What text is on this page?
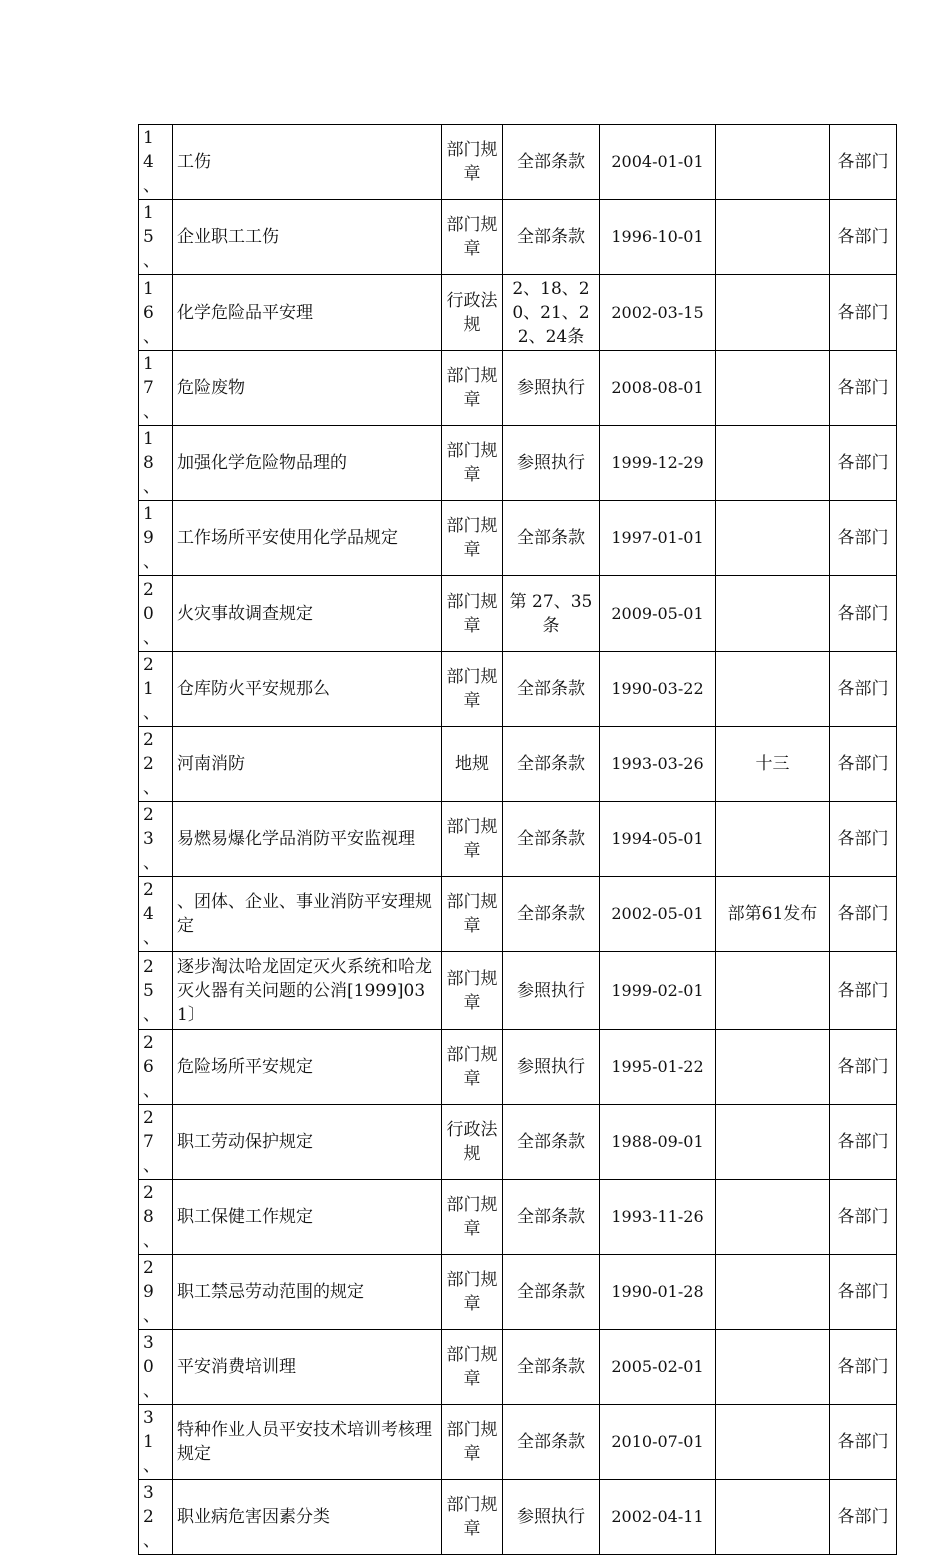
14、	工伤	部门规章	全部条款	2004-01-01		各部门
15、	企业职工工伤	部门规章	全部条款	1996-10-01		各部门
16、	化学危险品平安理	行政法规	2、18、20、21、22、24条	2002-03-15		各部门
17、	危险废物	部门规章	参照执行	2008-08-01		各部门
18、	加强化学危险物品理的	部门规章	参照执行	1999-12-29		各部门
19、	工作场所平安使用化学品规定	部门规章	全部条款	1997-01-01		各部门
20、	火灾事故调查规定	部门规章	第 27、35 条	2009-05-01		各部门
21、	仓库防火平安规那么	部门规章	全部条款	1990-03-22		各部门
22、	河南消防	地规	全部条款	1993-03-26	十三	各部门
23、	易燃易爆化学品消防平安监视理	部门规章	全部条款	1994-05-01		各部门
24、	、团体、企业、事业消防平安理规定	部门规章	全部条款	2002-05-01	部第61发布	各部门
25、	逐步淘汰哈龙固定灭火系统和哈龙灭火器有关问题的公消[1999]031〕	部门规章	参照执行	1999-02-01		各部门
26、	危险场所平安规定	部门规章	参照执行	1995-01-22		各部门
27、	职工劳动保护规定	行政法规	全部条款	1988-09-01		各部门
28、	职工保健工作规定	部门规章	全部条款	1993-11-26		各部门
29、	职工禁忌劳动范围的规定	部门规章	全部条款	1990-01-28		各部门
30、	平安消费培训理	部门规章	全部条款	2005-02-01		各部门
31、	特种作业人员平安技术培训考核理规定	部门规章	全部条款	2010-07-01		各部门
32、	职业病危害因素分类	部门规章	参照执行	2002-04-11		各部门
